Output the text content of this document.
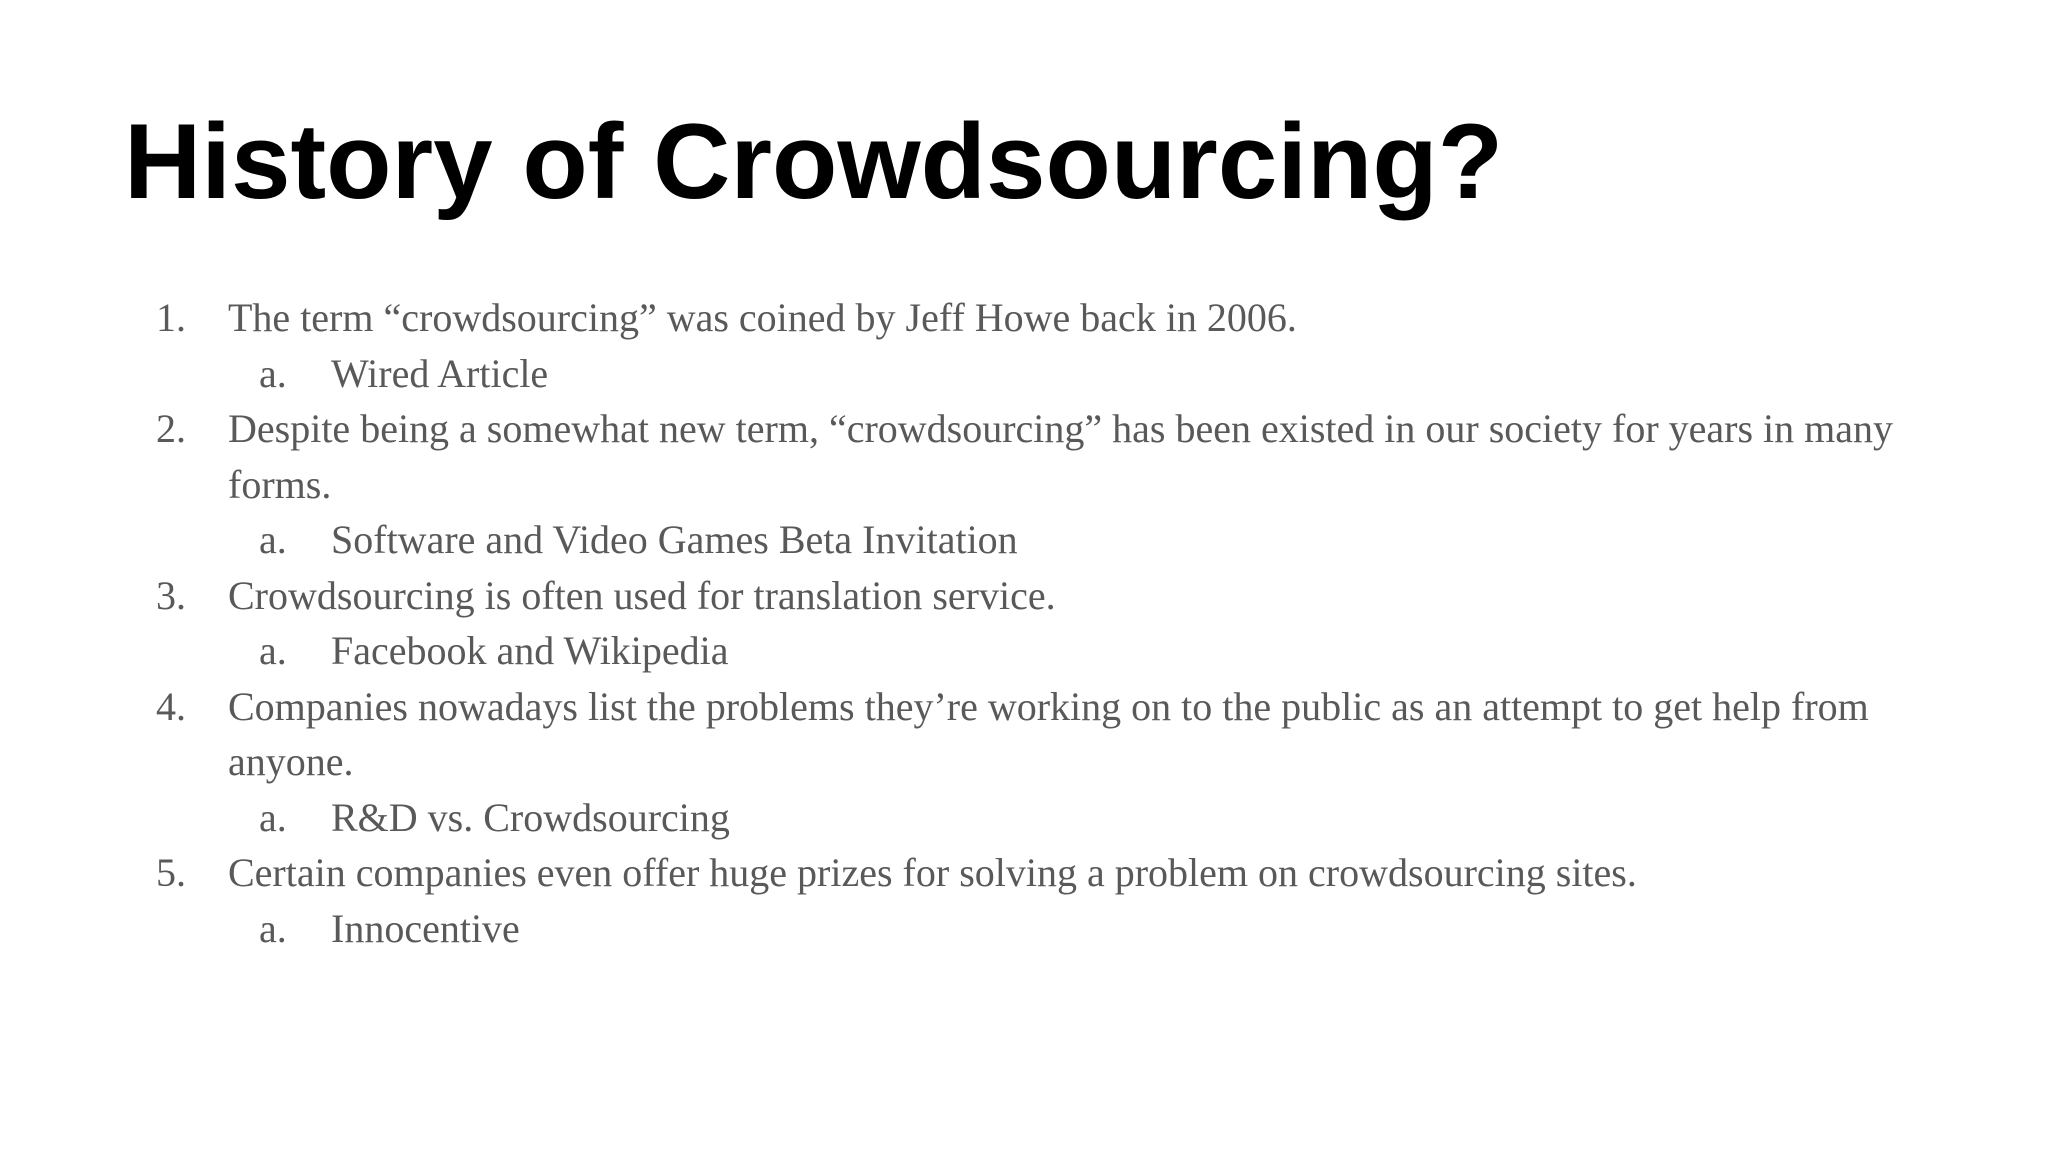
History of Crowdsourcing?
1. The term “crowdsourcing” was coined by Jeff Howe back in 2006.
a. Wired Article
2. Despite being a somewhat new term, “crowdsourcing” has been existed in our society for years in many forms.
a. Software and Video Games Beta Invitation
3. Crowdsourcing is often used for translation service.
a. Facebook and Wikipedia
4. Companies nowadays list the problems they’re working on to the public as an attempt to get help from anyone.
a. R&D vs. Crowdsourcing
5. Certain companies even offer huge prizes for solving a problem on crowdsourcing sites.
a. Innocentive
